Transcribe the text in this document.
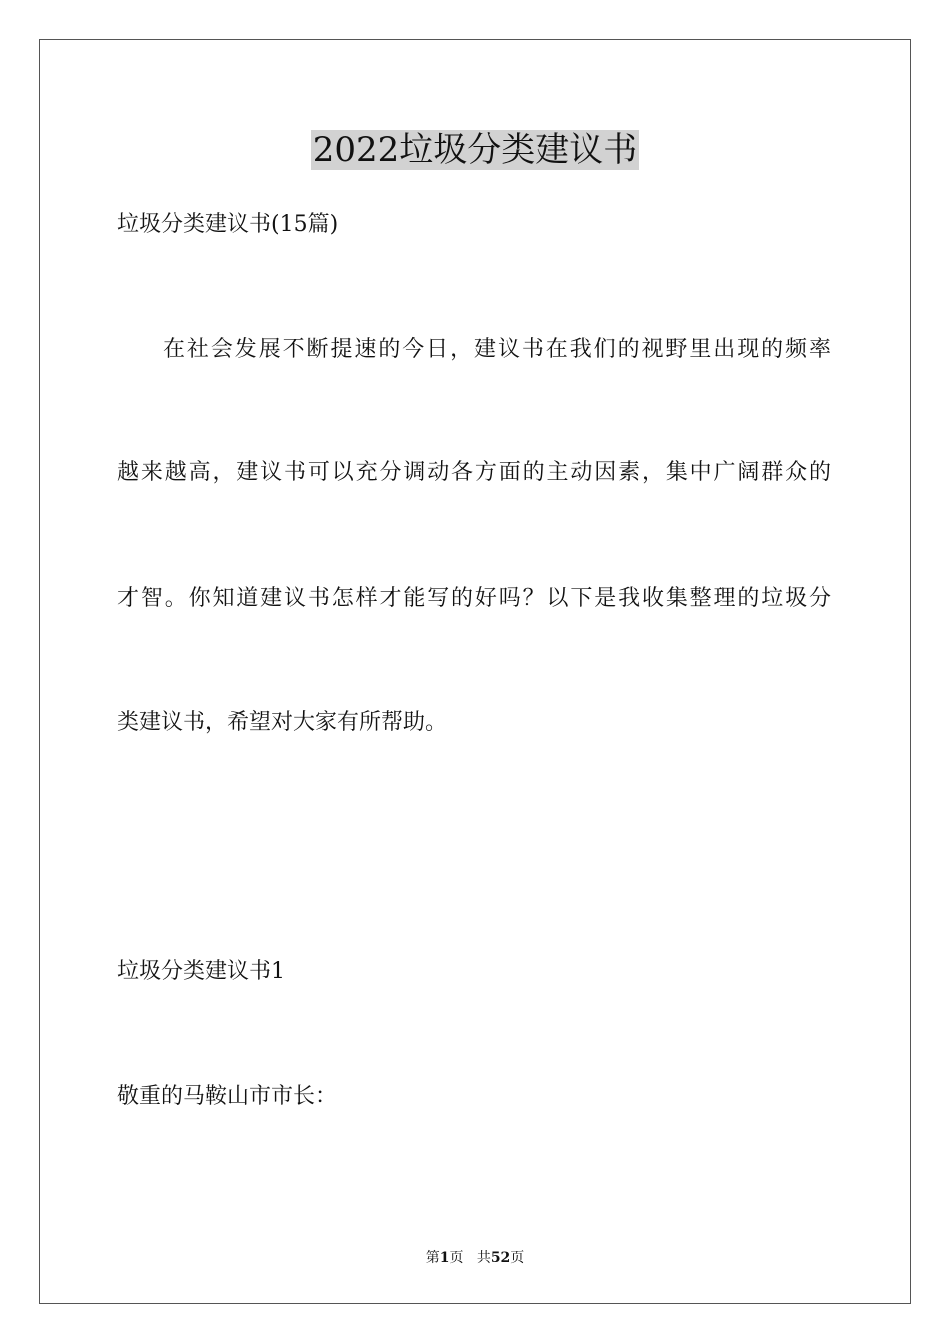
2022垃圾分类建议书

垃圾分类建议书(15篇)

在社会发展不断提速的今日，建议书在我们的视野里出现的频率

越来越高，建议书可以充分调动各方面的主动因素，集中广阔群众的

才智。你知道建议书怎样才能写的好吗？以下是我收集整理的垃圾分

类建议书，希望对大家有所帮助。

垃圾分类建议书1

敬重的马鞍山市市长：

第1页 共52页
